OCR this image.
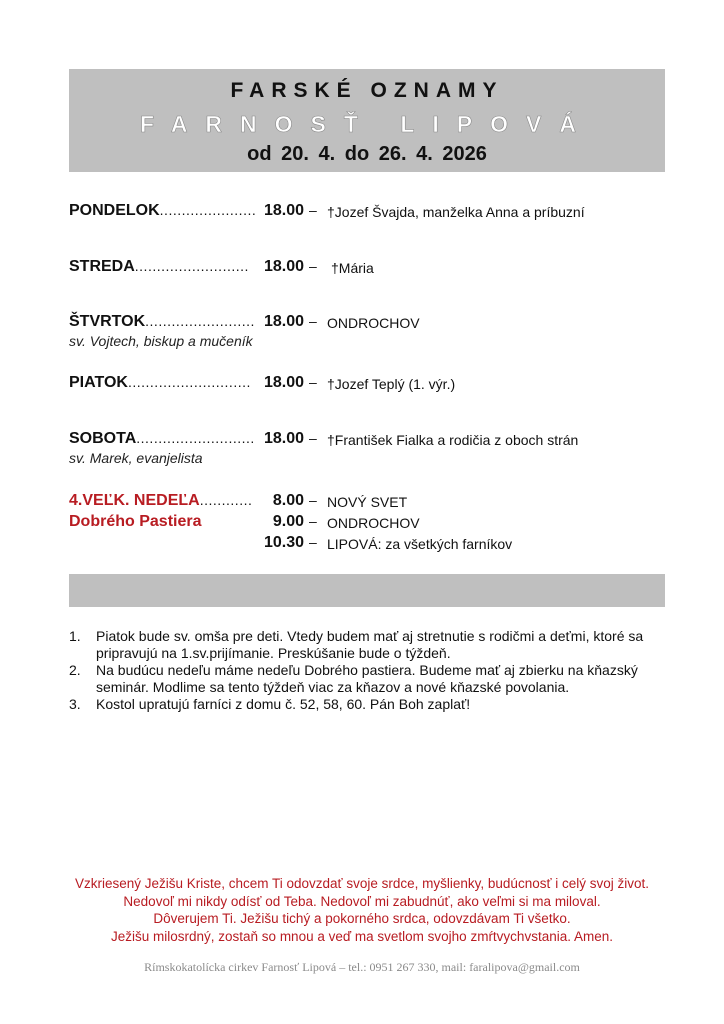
FARSKÉ OZNAMY
FARNOSŤ LIPOVÁ
od 20. 4. do 26. 4. 2026
PONDELOK...................... 18.00 – †Jozef Švajda, manželka Anna a príbuzní
STREDA.......................... 18.00 – †Mária
ŠTVRTOK......................... 18.00 – ONDROCHOV
sv. Vojtech, biskup a mučeník
PIATOK............................ 18.00 – †Jozef Teplý (1. výr.)
SOBOTA........................... 18.00 – †František Fialka a rodičia z oboch strán
sv. Marek, evanjelista
4.VEĽK. NEDEĽA............	8.00 – NOVÝ SVET
Dobrého Pastiera	9.00 – ONDROCHOV
10.30 – LIPOVÁ: za všetkých farníkov
1. Piatok bude sv. omša pre deti. Vtedy budem mať aj stretnutie s rodičmi a deťmi, ktoré sa pripravujú na 1.sv.prijímanie. Preskúšanie bude o týždeň.
2. Na budúcu nedeľu máme nedeľu Dobrého pastiera. Budeme mať aj zbierku na kňazský seminár. Modlime sa tento týždeň viac za kňazov a nové kňazské povolania.
3. Kostol upratujú farníci z domu č. 52, 58, 60. Pán Boh zaplať!
Vzkriesený Ježišu Kriste, chcem Ti odovzdať svoje srdce, myšlienky, budúcnosť i celý svoj život.
Nedovoľ mi nikdy odísť od Teba. Nedovoľ mi zabudnúť, ako veľmi si ma miloval.
Dôverujem Ti. Ježišu tichý a pokorného srdca, odovzdávam Ti všetko.
Ježišu milosrdný, zostaň so mnou a veď ma svetlom svojho zmŕtvychvstania. Amen.
Rímskokatolícka cirkev Farnosť Lipová – tel.: 0951 267 330, mail: faralipova@gmail.com
